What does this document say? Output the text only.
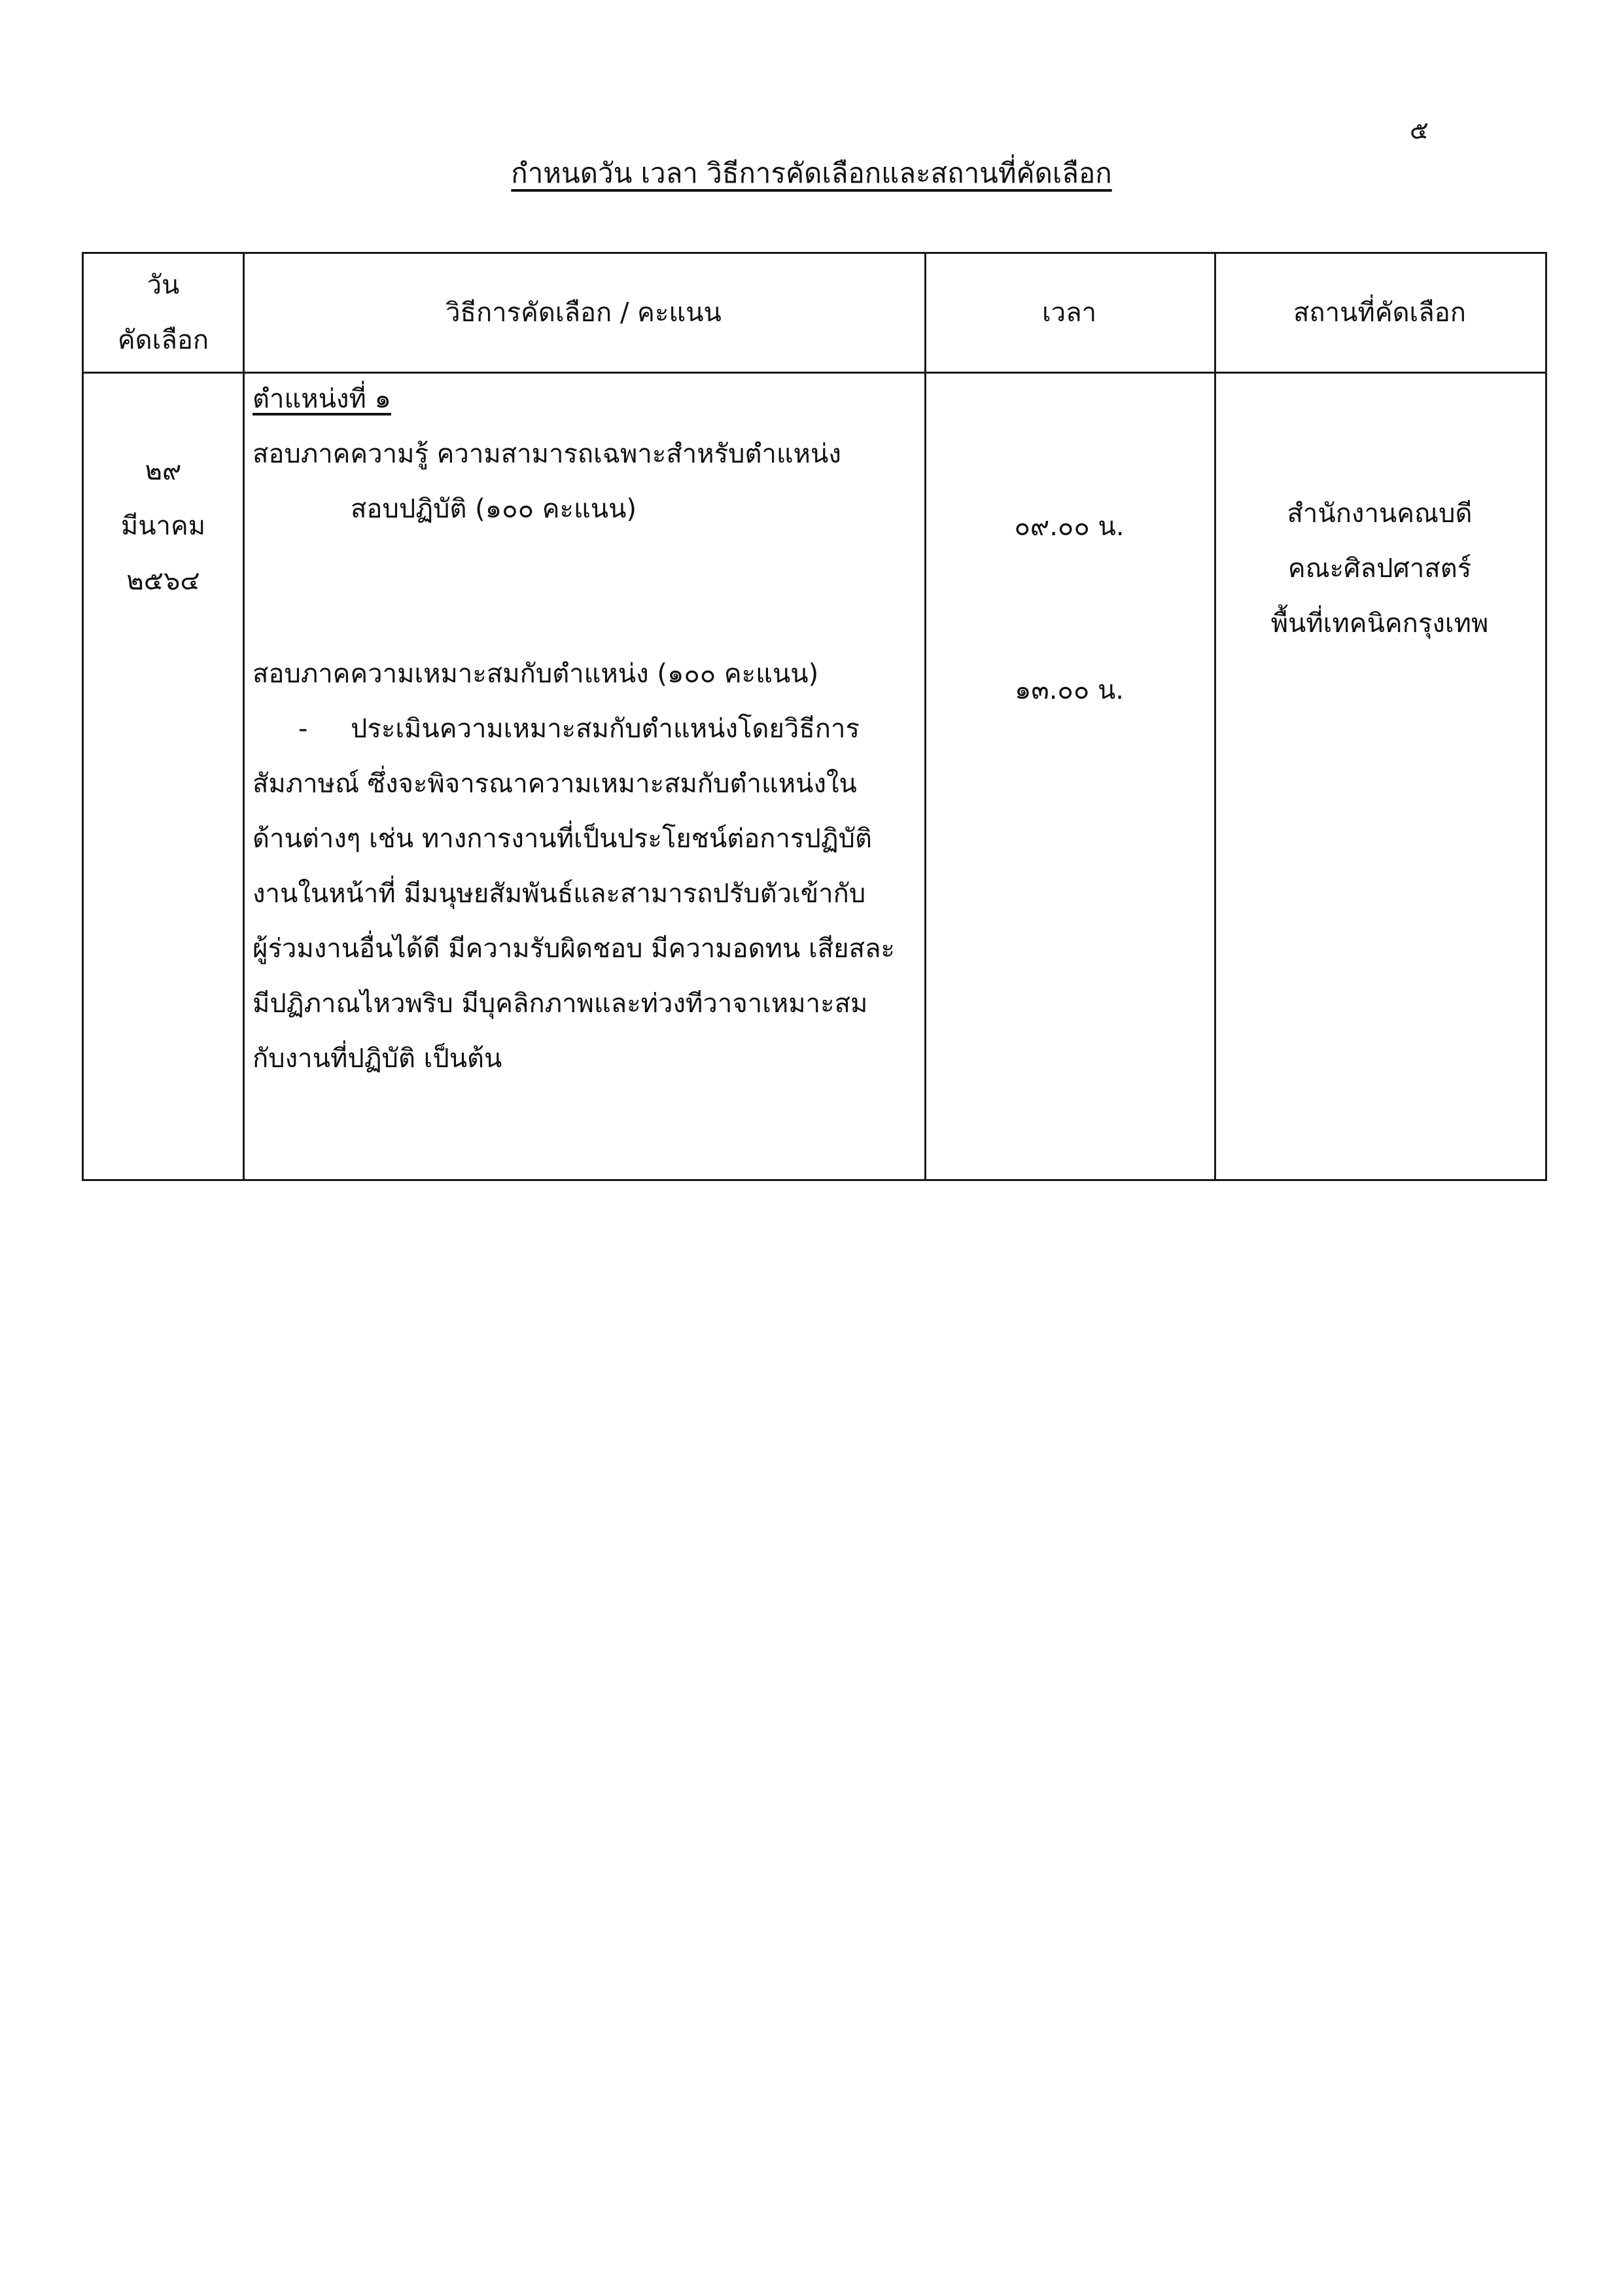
๕
กำหนดวัน เวลา วิธีการคัดเลือกและสถานที่คัดเลือก
วัน
คัดเลือก
วิธีการคัดเลือก / คะแนน	เวลา	สถานที่คัดเลือก
๒๙
มีนาคม
๒๕๖๔
ตำแหน่งที่ ๑
สอบภาคความรู้ ความสามารถเฉพาะสำหรับตำแหน่ง
สอบปฏิบัติ (๑๐๐ คะแนน)
สอบภาคความเหมาะสมกับตำแหน่ง (๑๐๐ คะแนน)
- ประเมินความเหมาะสมกับตำแหน่งโดยวิธีการ
สัมภาษณ์ ซึ่งจะพิจารณาความเหมาะสมกับตำแหน่งใน
ด้านต่างๆ เช่น ทางการงานที่เป็นประโยชน์ต่อการปฏิบัติ
งานในหน้าที่ มีมนุษยสัมพันธ์และสามารถปรับตัวเข้ากับ
ผู้ร่วมงานอื่นได้ดี มีความรับผิดชอบ มีความอดทน เสียสละ
มีปฏิภาณไหวพริบ มีบุคลิกภาพและท่วงทีวาจาเหมาะสม
กับงานที่ปฏิบัติ เป็นต้น
๐๙.๐๐ น.
๑๓.๐๐ น.
สำนักงานคณบดี
คณะศิลปศาสตร์
พื้นที่เทคนิคกรุงเทพ
